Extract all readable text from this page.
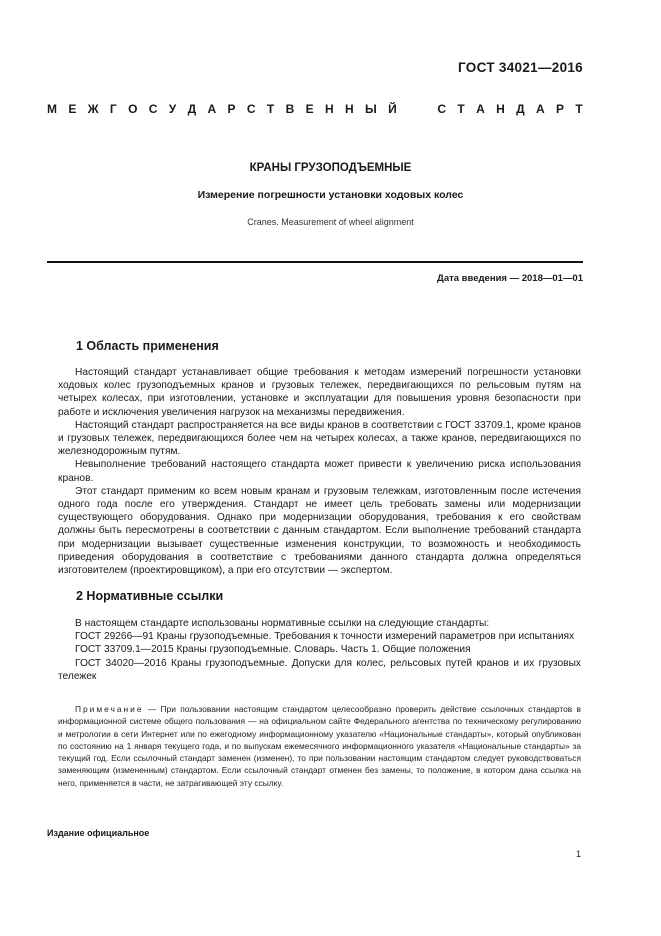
ГОСТ 34021—2016
М Е Ж Г О С У Д А Р С Т В Е Н Н Ы Й	С Т А Н Д А Р Т
КРАНЫ ГРУЗОПОДЪЕМНЫЕ
Измерение погрешности установки ходовых колес
Cranes. Measurement of wheel alignment
Дата введения — 2018—01—01
1 Область применения

Настоящий стандарт устанавливает общие требования к методам измерений погрешности установки ходовых колес грузоподъемных кранов и грузовых тележек, передвигающихся по рельсовым путям на четырех колесах, при изготовлении, установке и эксплуатации для повышения уровня безопасности при работе и исключения увеличения нагрузок на механизмы передвижения.

Настоящий стандарт распространяется на все виды кранов в соответствии с ГОСТ 33709.1, кроме кранов и грузовых тележек, передвигающихся более чем на четырех колесах, а также кранов, передвигающихся по железнодорожным путям.

Невыполнение требований настоящего стандарта может привести к увеличению риска использования кранов.

Этот стандарт применим ко всем новым кранам и грузовым тележкам, изготовленным после истечения одного года после его утверждения. Стандарт не имеет цель требовать замены или модернизации существующего оборудования. Однако при модернизации оборудования, требования к его свойствам должны быть пересмотрены в соответствии с данным стандартом. Если выполнение требований стандарта при модернизации вызывает существенные изменения конструкции, то возможность и необходимость приведения оборудования в соответствие с требованиями данного стандарта должна определяться изготовителем (проектировщиком), а при его отсутствии — экспертом.

2 Нормативные ссылки

В настоящем стандарте использованы нормативные ссылки на следующие стандарты:

ГОСТ 29266—91 Краны грузоподъемные. Требования к точности измерений параметров при испытаниях

ГОСТ 33709.1—2015 Краны грузоподъемные. Словарь. Часть 1. Общие положения

ГОСТ 34020—2016 Краны грузоподъемные. Допуски для колес, рельсовых путей кранов и их грузовых тележек

Примечание — При пользовании настоящим стандартом целесообразно проверить действие ссылочных стандартов в информационной системе общего пользования — на официальном сайте Федерального агентства по техническому регулированию и метрологии в сети Интернет или по ежегодному информационному указателю «Национальные стандарты», который опубликован по состоянию на 1 января текущего года, и по выпускам ежемесячного информационного указателя «Национальные стандарты» за текущий год. Если ссылочный стандарт заменен (изменен), то при пользовании настоящим стандартом следует руководствоваться заменяющим (измененным) стандартом. Если ссылочный стандарт отменен без замены, то положение, в котором дана ссылка на него, применяется в части, не затрагивающей эту ссылку.

Издание официальное
1
